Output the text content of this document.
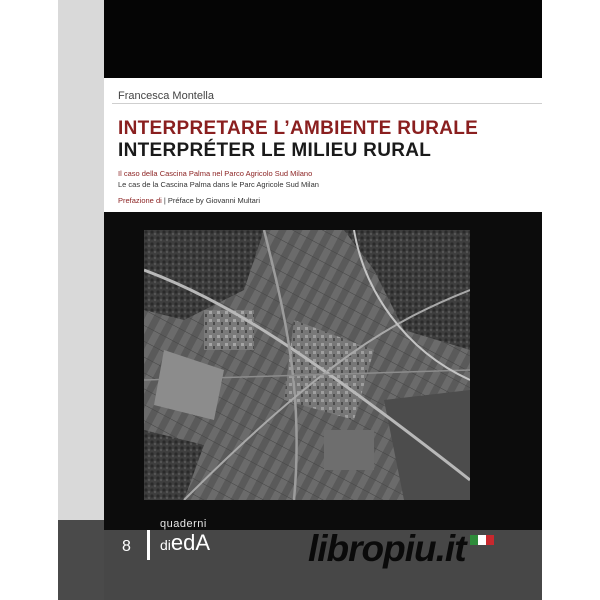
Francesca Montella
INTERPRETARE L’AMBIENTE RURALE
INTERPRÉTER LE MILIEU RURAL
Il caso della Cascina Palma nel Parco Agricolo Sud Milano
Le cas de la Cascina Palma dans le Parc Agricole Sud Milan
Prefazione di | Préface by Giovanni Multari
quaderni
8 diedA	libropiu.it
